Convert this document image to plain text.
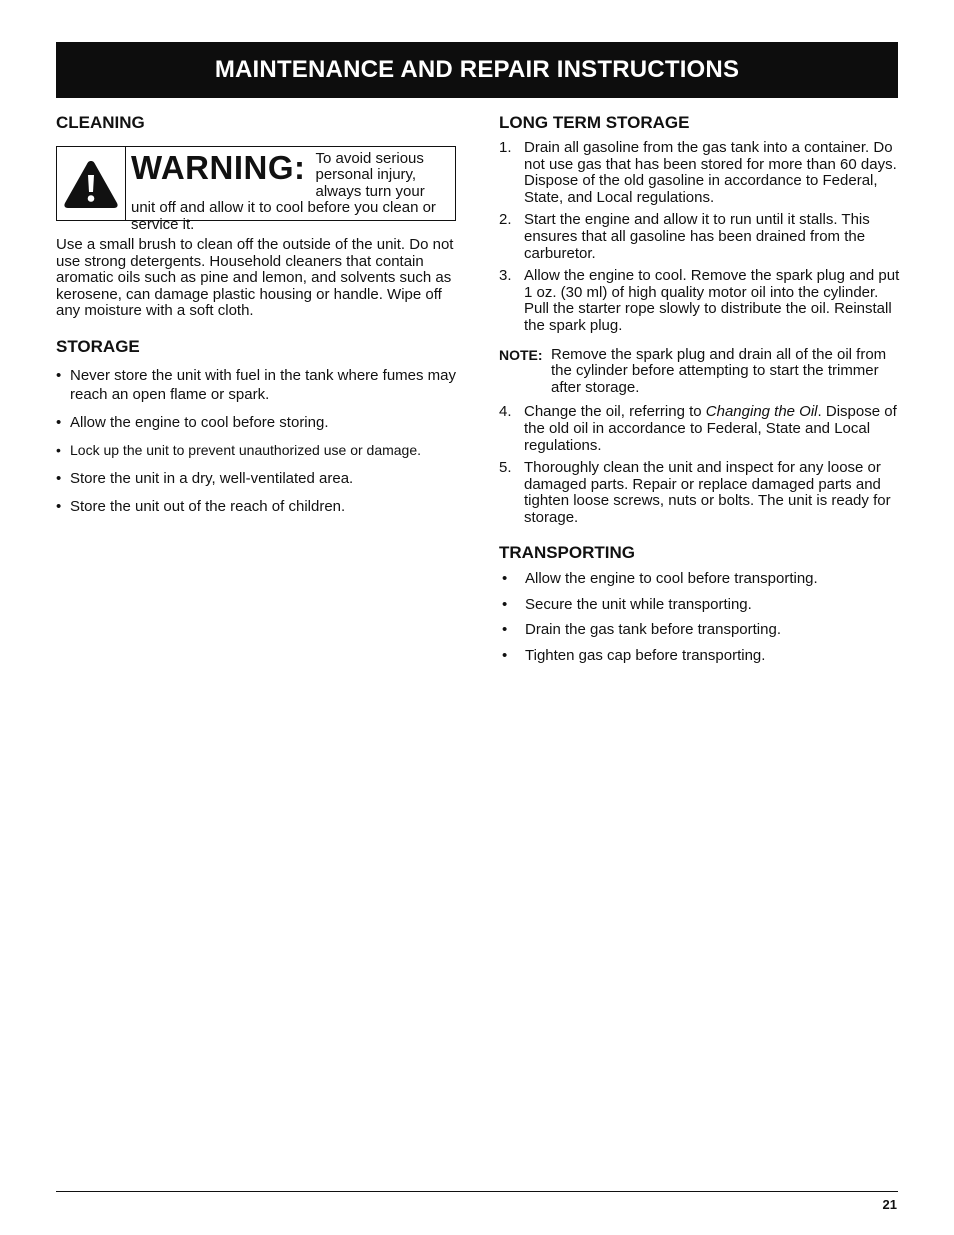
MAINTENANCE AND REPAIR INSTRUCTIONS
CLEANING
WARNING: To avoid serious personal injury, always turn your unit off and allow it to cool before you clean or service it.

Use a small brush to clean off the outside of the unit. Do not use strong detergents. Household cleaners that contain aromatic oils such as pine and lemon, and solvents such as kerosene, can damage plastic housing or handle. Wipe off any moisture with a soft cloth.

STORAGE
• Never store the unit with fuel in the tank where fumes may reach an open flame or spark.
• Allow the engine to cool before storing.
• Lock up the unit to prevent unauthorized use or damage.
• Store the unit in a dry, well-ventilated area.
• Store the unit out of the reach of children.
LONG TERM STORAGE
1. Drain all gasoline from the gas tank into a container. Do not use gas that has been stored for more than 60 days. Dispose of the old gasoline in accordance to Federal, State, and Local regulations.
2. Start the engine and allow it to run until it stalls. This ensures that all gasoline has been drained from the carburetor.
3. Allow the engine to cool. Remove the spark plug and put 1 oz. (30 ml) of high quality motor oil into the cylinder. Pull the starter rope slowly to distribute the oil. Reinstall the spark plug.
NOTE: Remove the spark plug and drain all of the oil from the cylinder before attempting to start the trimmer after storage.
4. Change the oil, referring to Changing the Oil. Dispose of the old oil in accordance to Federal, State and Local regulations.
5. Thoroughly clean the unit and inspect for any loose or damaged parts. Repair or replace damaged parts and tighten loose screws, nuts or bolts. The unit is ready for storage.
TRANSPORTING
• Allow the engine to cool before transporting.
• Secure the unit while transporting.
• Drain the gas tank before transporting.
• Tighten gas cap before transporting.
21
